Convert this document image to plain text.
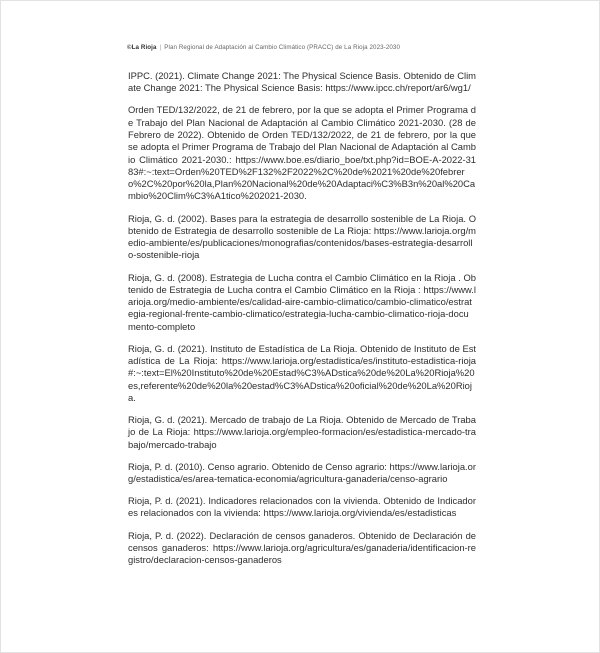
©La Rioja | Plan Regional de Adaptación al Cambio Climático (PRACC) de La Rioja 2023-2030

IPPC. (2021). Climate Change 2021: The Physical Science Basis. Obtenido de Climate Change 2021: The Physical Science Basis: https://www.ipcc.ch/report/ar6/wg1/

Orden TED/132/2022, de 21 de febrero, por la que se adopta el Primer Programa de Trabajo del Plan Nacional de Adaptación al Cambio Climático 2021-2030. (28 de Febrero de 2022). Obtenido de Orden TED/132/2022, de 21 de febrero, por la que se adopta el Primer Programa de Trabajo del Plan Nacional de Adaptación al Cambio Climático 2021-2030.: https://www.boe.es/diario_boe/txt.php?id=BOE-A-2022-3183#:~:text=Orden%20TED%2F132%2F2022%2C%20de%2021%20de%20febrero%2C%20por%20la,Plan%20Nacional%20de%20Adaptaci%C3%B3n%20al%20Cambio%20Clim%C3%A1tico%202021-2030.

Rioja, G. d. (2002). Bases para la estrategia de desarrollo sostenible de La Rioja. Obtenido de Estrategia de desarrollo sostenible de La Rioja: https://www.larioja.org/medio-ambiente/es/publicaciones/monografias/contenidos/bases-estrategia-desarrollo-sostenible-rioja

Rioja, G. d. (2008). Estrategia de Lucha contra el Cambio Climático en la Rioja . Obtenido de Estrategia de Lucha contra el Cambio Climático en la Rioja : https://www.larioja.org/medio-ambiente/es/calidad-aire-cambio-climatico/cambio-climatico/estrategia-regional-frente-cambio-climatico/estrategia-lucha-cambio-climatico-rioja-documento-completo

Rioja, G. d. (2021). Instituto de Estadística de La Rioja. Obtenido de Instituto de Estadística de La Rioja: https://www.larioja.org/estadistica/es/instituto-estadistica-rioja#:~:text=El%20Instituto%20de%20Estad%C3%ADstica%20de%20La%20Rioja%20es,referente%20de%20la%20estad%C3%ADstica%20oficial%20de%20La%20Rioja.

Rioja, G. d. (2021). Mercado de trabajo de La Rioja. Obtenido de Mercado de Trabajo de La Rioja: https://www.larioja.org/empleo-formacion/es/estadistica-mercado-trabajo/mercado-trabajo

Rioja, P. d. (2010). Censo agrario. Obtenido de Censo agrario: https://www.larioja.org/estadistica/es/area-tematica-economia/agricultura-ganaderia/censo-agrario

Rioja, P. d. (2021). Indicadores relacionados con la vivienda. Obtenido de Indicadores relacionados con la vivienda: https://www.larioja.org/vivienda/es/estadisticas

Rioja, P. d. (2022). Declaración de censos ganaderos. Obtenido de Declaración de censos ganaderos: https://www.larioja.org/agricultura/es/ganaderia/identificacion-registro/declaracion-censos-ganaderos
